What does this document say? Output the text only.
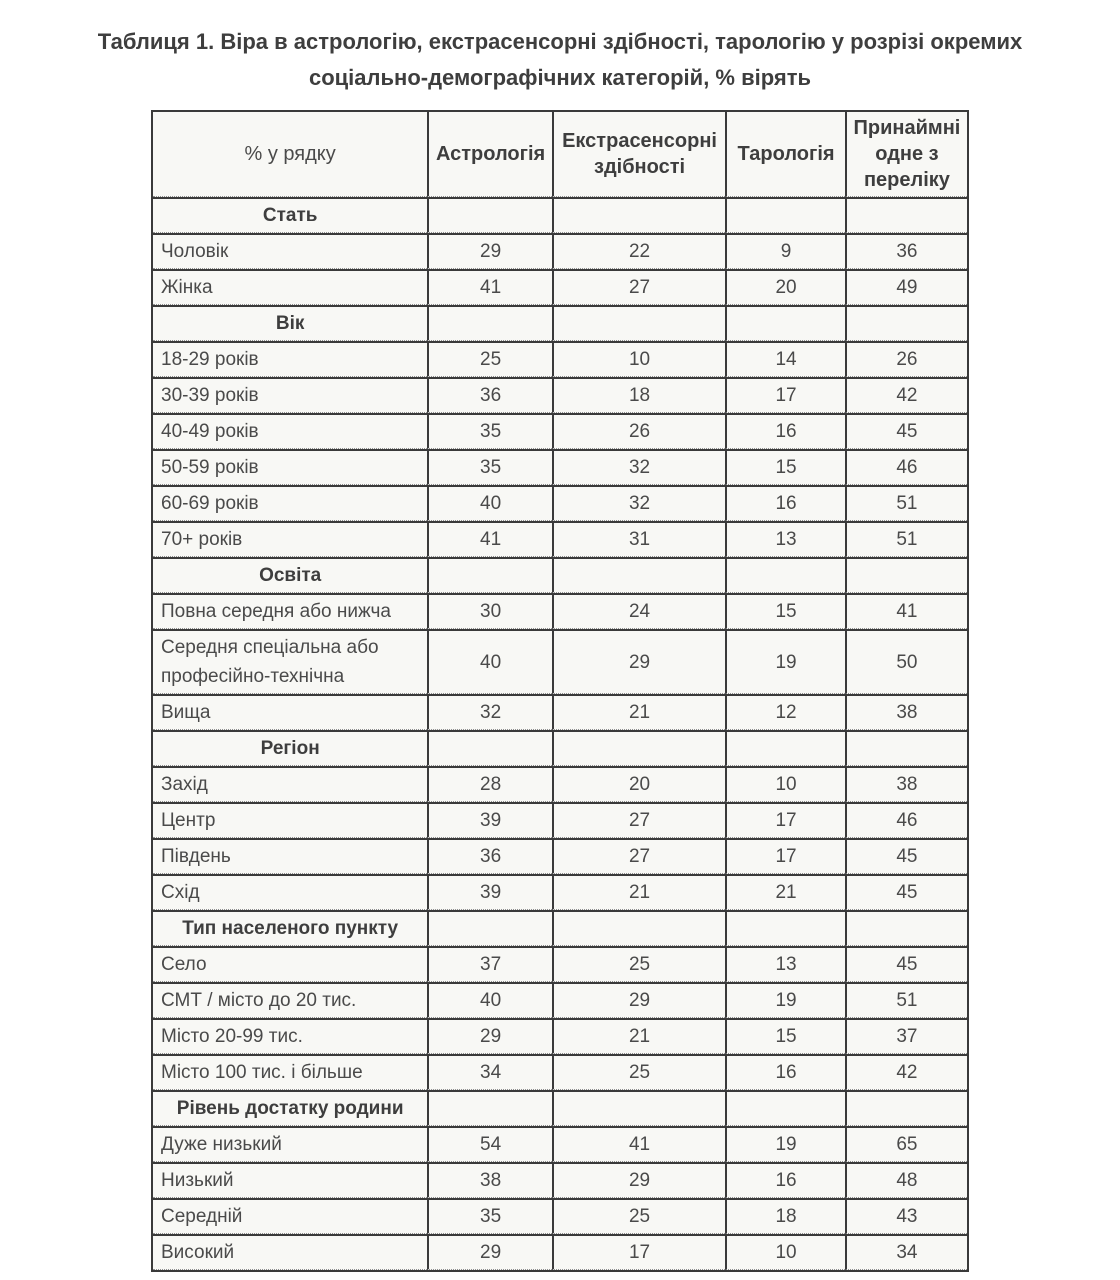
Таблиця 1. Віра в астрологію, екстрасенсорні здібності, тарологію у розрізі окремих
соціально-демографічних категорій, % вірять
% у рядку	Астрологія	Екстрасенсорні здібності	Тарологія	Принаймні одне з переліку
Стать				
Чоловік	29	22	9	36
Жінка	41	27	20	49
Вік				
18-29 років	25	10	14	26
30-39 років	36	18	17	42
40-49 років	35	26	16	45
50-59 років	35	32	15	46
60-69 років	40	32	16	51
70+ років	41	31	13	51
Освіта				
Повна середня або нижча	30	24	15	41
Середня спеціальна або професійно-технічна	40	29	19	50
Вища	32	21	12	38
Регіон				
Захід	28	20	10	38
Центр	39	27	17	46
Південь	36	27	17	45
Схід	39	21	21	45
Тип населеного пункту				
Село	37	25	13	45
СМТ / місто до 20 тис.	40	29	19	51
Місто 20-99 тис.	29	21	15	37
Місто 100 тис. і більше	34	25	16	42
Рівень достатку родини				
Дуже низький	54	41	19	65
Низький	38	29	16	48
Середній	35	25	18	43
Високий	29	17	10	34
